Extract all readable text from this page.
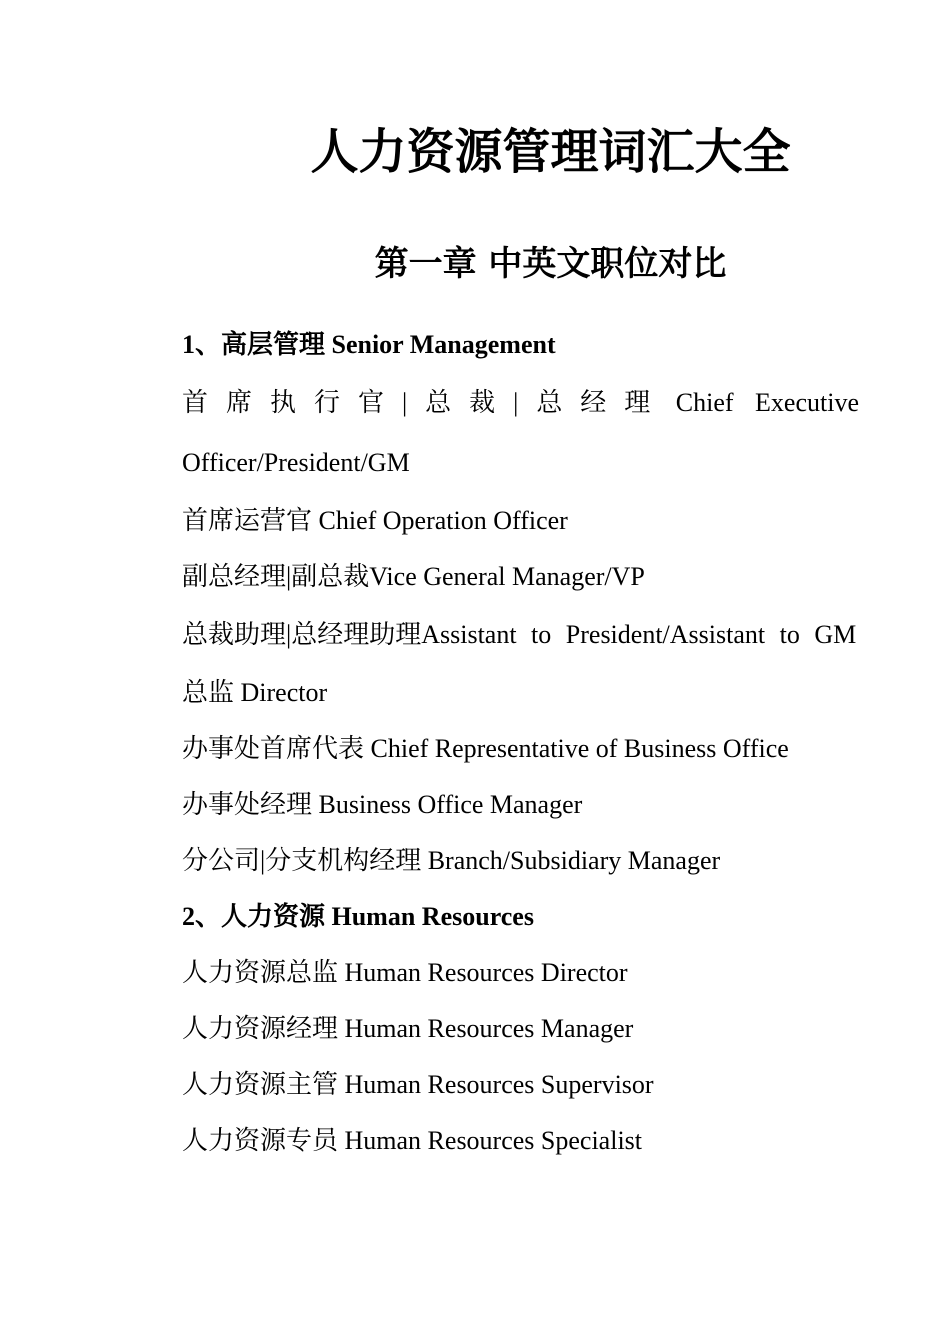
人力资源管理词汇大全
第一章 中英文职位对比

1、高层管理 Senior Management

首席执行官|总裁|总经理 Chief Executive Officer/President/GM

首席运营官 Chief Operation Officer

副总经理|副总裁Vice General Manager/VP

总裁助理|总经理助理Assistant to President/Assistant to GM

总监 Director

办事处首席代表 Chief Representative of Business Office

办事处经理 Business Office Manager

分公司|分支机构经理 Branch/Subsidiary Manager

2、人力资源 Human Resources

人力资源总监 Human Resources Director

人力资源经理 Human Resources Manager

人力资源主管 Human Resources Supervisor

人力资源专员 Human Resources Specialist
